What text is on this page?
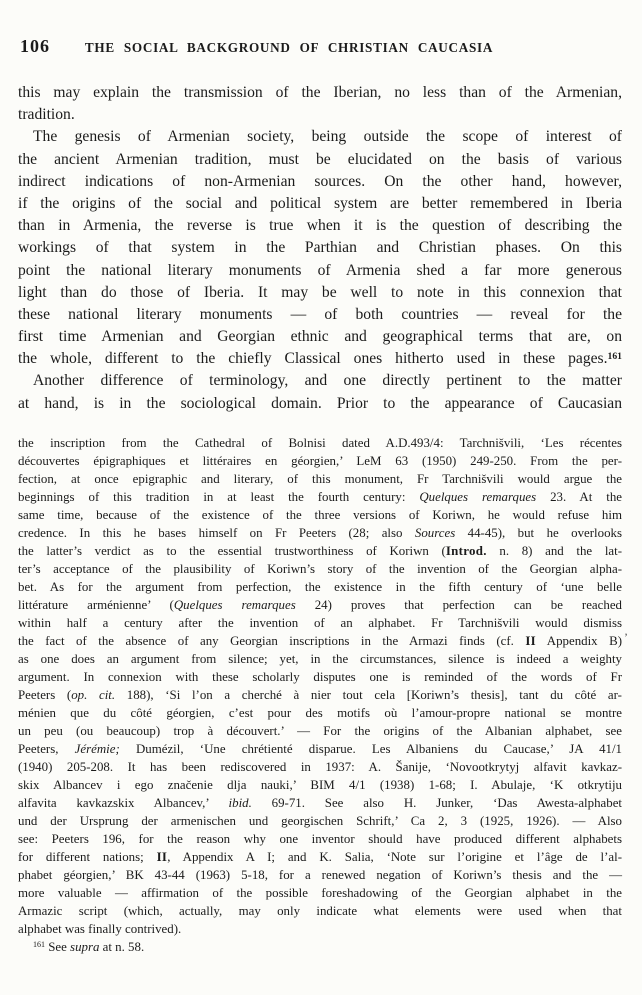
106	THE SOCIAL BACKGROUND OF CHRISTIAN CAUCASIA
this may explain the transmission of the Iberian, no less than of the Armenian,
tradition.
The genesis of Armenian society, being outside the scope of interest of
the ancient Armenian tradition, must be elucidated on the basis of various
indirect indications of non-Armenian sources. On the other hand, however,
if the origins of the social and political system are better remembered in Iberia
than in Armenia, the reverse is true when it is the question of describing the
workings of that system in the Parthian and Christian phases. On this
point the national literary monuments of Armenia shed a far more generous
light than do those of Iberia. It may be well to note in this connexion that
these national literary monuments — of both countries — reveal for the
first time Armenian and Georgian ethnic and geographical terms that are, on
the whole, different to the chiefly Classical ones hitherto used in these pages.$^{161}$
Another difference of terminology, and one directly pertinent to the matter
at hand, is in the sociological domain. Prior to the appearance of Caucasian
the inscription from the Cathedral of Bolnisi dated A.D.493/4: Tarchnišvili, ‘Les récentes
découvertes épigraphiques et littéraires en géorgien,’ LeM 63 (1950) 249-250. From the per-
fection, at once epigraphic and literary, of this monument, Fr Tarchnišvili would argue the
beginnings of this tradition in at least the fourth century: Quelques remarques 23. At the
same time, because of the existence of the three versions of Koriwn, he would refuse him
credence. In this he bases himself on Fr Peeters (28; also Sources 44-45), but he overlooks
the latter’s verdict as to the essential trustworthiness of Koriwn (Introd. n. 8) and the lat-
ter’s acceptance of the plausibility of Koriwn’s story of the invention of the Georgian alpha-
bet. As for the argument from perfection, the existence in the fifth century of ‘une belle
littérature arménienne’ (Quelques remarques 24) proves that perfection can be reached
within half a century after the invention of an alphabet. Fr Tarchnišvili would dismiss
the fact of the absence of any Georgian inscriptions in the Armazi finds (cf. II Appendix B)
as one does an argument from silence; yet, in the circumstances, silence is indeed a weighty
argument. In connexion with these scholarly disputes one is reminded of the words of Fr
Peeters (op. cit. 188), ‘Si l’on a cherché à nier tout cela [Koriwn’s thesis], tant du côté ar-
ménien que du côté géorgien, c’est pour des motifs où l’amour-propre national se montre
un peu (ou beaucoup) trop à découvert.’ — For the origins of the Albanian alphabet, see
Peeters, Jérémie; Dumézil, ‘Une chrétienté disparue. Les Albaniens du Caucase,’ JA 41/1
(1940) 205-208. It has been rediscovered in 1937: A. Šanije, ‘Novootkrytyj alfavit kavkaz-
skix Albancev i ego značenie dlja nauki,’ BIM 4/1 (1938) 1-68; I. Abulaje, ‘K otkrytiju
alfavita kavkazskix Albancev,’ ibid. 69-71. See also H. Junker, ‘Das Awesta-alphabet
und der Ursprung der armenischen und georgischen Schrift,’ Ca 2, 3 (1925, 1926). — Also
see: Peeters 196, for the reason why one inventor should have produced different alphabets
for different nations; II, Appendix A I; and K. Salia, ‘Note sur l’origine et l’âge de l’al-
phabet géorgien,’ BK 43-44 (1963) 5-18, for a renewed negation of Koriwn’s thesis and the —
more valuable — affirmation of the possible foreshadowing of the Georgian alphabet in the
Armazic script (which, actually, may only indicate what elements were used when that
alphabet was finally contrived).
$^{161}$ See supra at n. 58.
’
